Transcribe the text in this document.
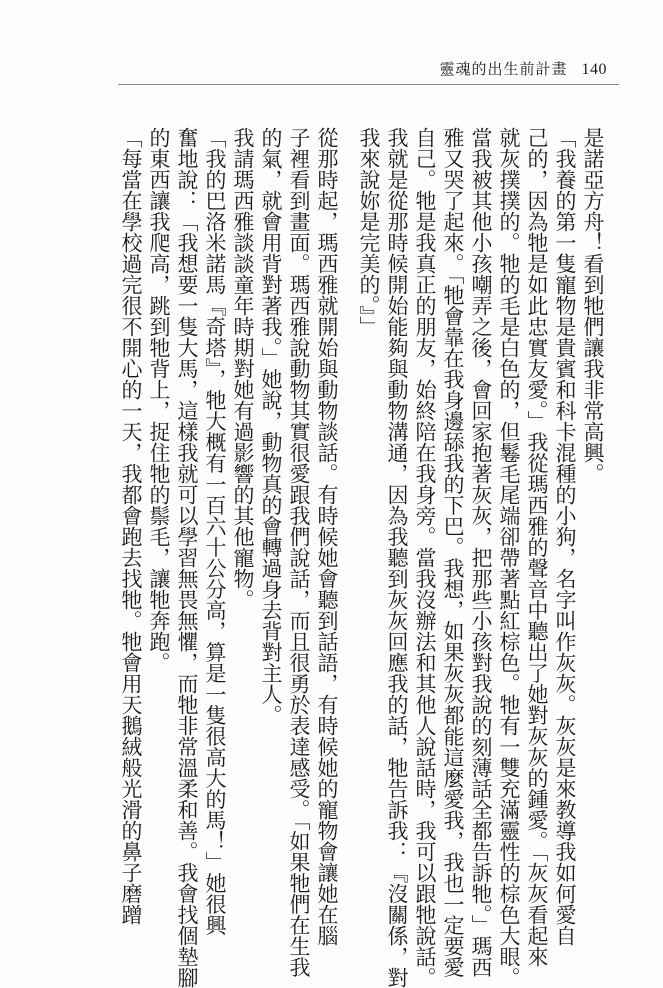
靈魂的出生前計畫 140
是諾亞方舟！看到牠們讓我非常高興。
「我養的第一隻寵物是貴賓和科卡混種的小狗，名字叫作灰灰。灰灰是來教導我如何愛自
己的，因為牠是如此忠實友愛。」我從瑪西雅的聲音中聽出了她對灰灰的鍾愛。「灰灰看起來
就灰撲撲的。牠的毛是白色的，但鬈毛尾端卻帶著點紅棕色。牠有一雙充滿靈性的棕色大眼。
當我被其他小孩嘲弄之後，會回家抱著灰灰，把那些小孩對我說的刻薄話全都告訴牠。」瑪西
雅又哭了起來。「牠會靠在我身邊舔我的下巴。我想，如果灰灰都能這麼愛我，我也一定要愛
自己。牠是我真正的朋友，始終陪在我身旁。當我沒辦法和其他人說話時，我可以跟牠說話。
我就是從那時候開始能夠與動物溝通，因為我聽到灰灰回應我的話，牠告訴我：『沒關係，對
我來說妳是完美的。』」
從那時起，瑪西雅就開始與動物談話。有時候她會聽到話語，有時候她的寵物會讓她在腦
子裡看到畫面。瑪西雅說動物其實很愛跟我們說話，而且很勇於表達感受。「如果牠們在生我
的氣，就會用背對著我。」她說，動物真的會轉過身去背對主人。
我請瑪西雅談談童年時期對她有過影響的其他寵物。
「我的巴洛米諾馬『奇塔』，牠大概有一百六十公分高，算是一隻很高大的馬！」她很興
奮地說：「我想要一隻大馬，這樣我就可以學習無畏無懼，而牠非常溫柔和善。我會找個墊腳
的東西讓我爬高，跳到牠背上，捉住牠的鬃毛，讓牠奔跑。
「每當在學校過完很不開心的一天，我都會跑去找牠。牠會用天鵝絨般光滑的鼻子磨蹭
